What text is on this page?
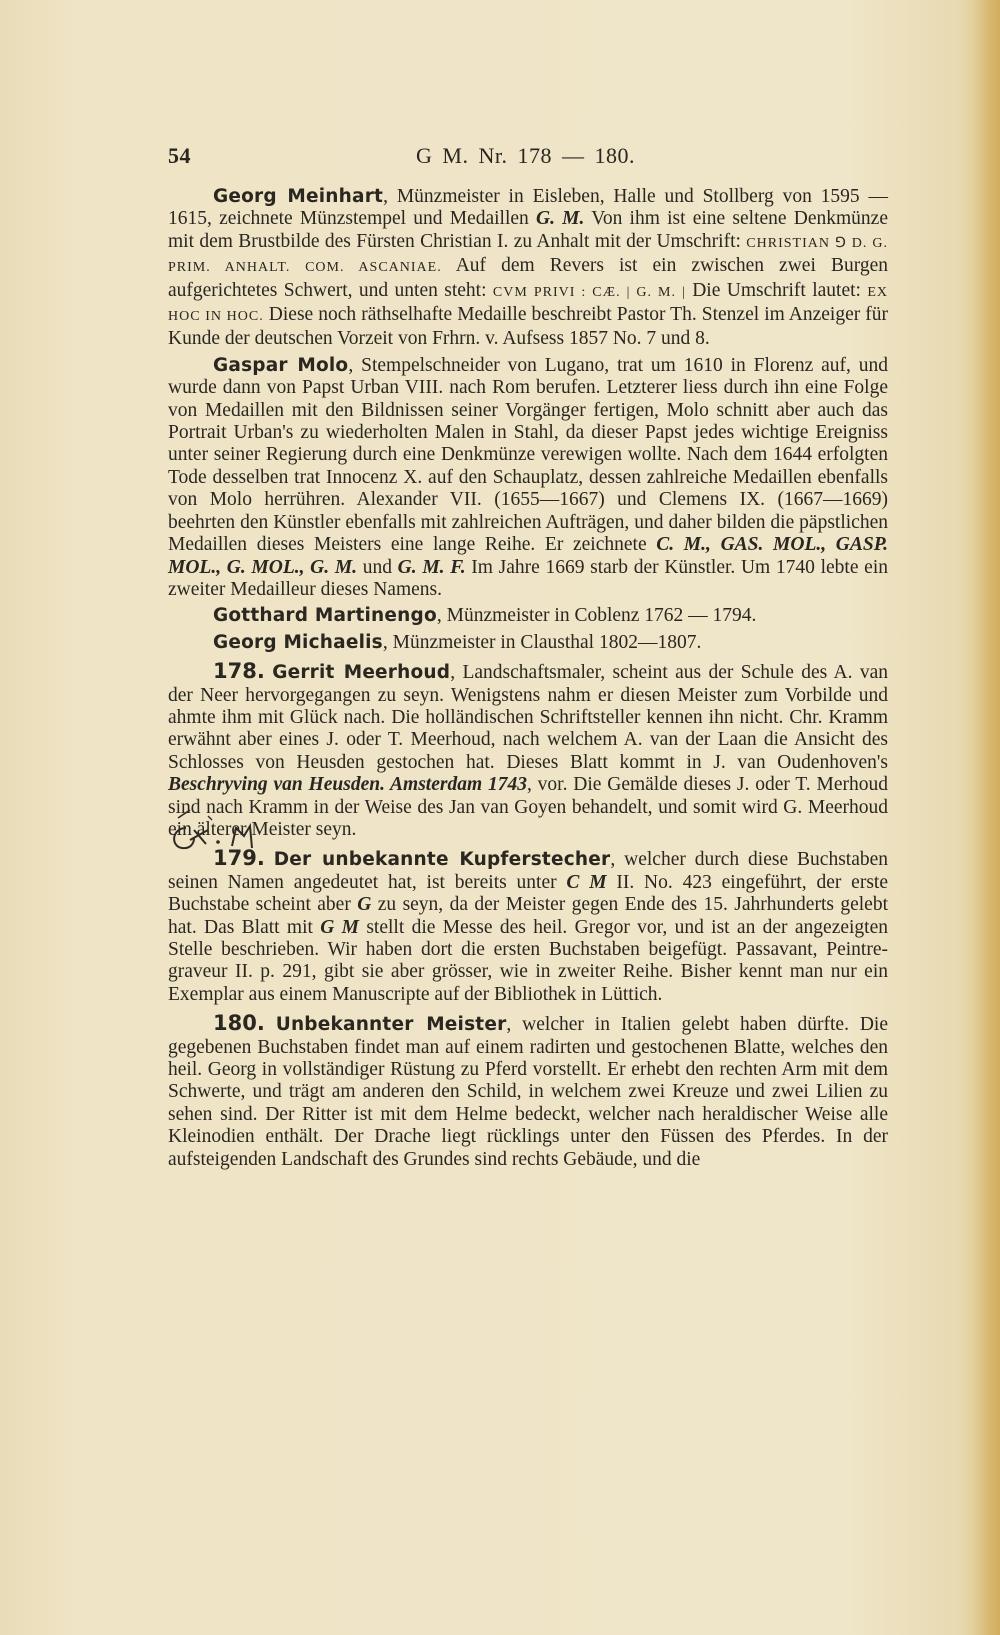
54	G M. Nr. 178 — 180.

Georg Meinhart, Münzmeister in Eisleben, Halle und Stollberg von 1595 — 1615, zeichnete Münzstempel und Medaillen G. M. Von ihm ist eine seltene Denkmünze mit dem Brustbilde des Fürsten Christian I. zu Anhalt mit der Umschrift: CHRISTIAN ⅁ D. G. PRIM. ANHALT. COM. ASCANIAE. Auf dem Revers ist ein zwischen zwei Burgen aufgerichtetes Schwert, und unten steht: CVM PRIVI : CÆ. | G. M. | Die Umschrift lautet: EX HOC IN HOC. Diese noch räthselhafte Medaille beschreibt Pastor Th. Stenzel im Anzeiger für Kunde der deutschen Vorzeit von Frhrn. v. Aufsess 1857 No. 7 und 8.

Gaspar Molo, Stempelschneider von Lugano, trat um 1610 in Florenz auf, und wurde dann von Papst Urban VIII. nach Rom berufen. Letzterer liess durch ihn eine Folge von Medaillen mit den Bildnissen seiner Vorgänger fertigen, Molo schnitt aber auch das Portrait Urban's zu wiederholten Malen in Stahl, da dieser Papst jedes wichtige Ereigniss unter seiner Regierung durch eine Denkmünze verewigen wollte. Nach dem 1644 erfolgten Tode desselben trat Innocenz X. auf den Schauplatz, dessen zahlreiche Medaillen ebenfalls von Molo herrühren. Alexander VII. (1655—1667) und Clemens IX. (1667—1669) beehrten den Künstler ebenfalls mit zahlreichen Aufträgen, und daher bilden die päpstlichen Medaillen dieses Meisters eine lange Reihe. Er zeichnete C. M., GAS. MOL., GASP. MOL., G. MOL., G. M. und G. M. F. Im Jahre 1669 starb der Künstler. Um 1740 lebte ein zweiter Medailleur dieses Namens.

Gotthard Martinengo, Münzmeister in Coblenz 1762 — 1794.

Georg Michaelis, Münzmeister in Clausthal 1802—1807.

178. Gerrit Meerhoud, Landschaftsmaler, scheint aus der Schule des A. van der Neer hervorgegangen zu seyn. Wenigstens nahm er diesen Meister zum Vorbilde und ahmte ihm mit Glück nach. Die holländischen Schriftsteller kennen ihn nicht. Chr. Kramm erwähnt aber eines J. oder T. Meerhoud, nach welchem A. van der Laan die Ansicht des Schlosses von Heusden gestochen hat. Dieses Blatt kommt in J. van Oudenhoven's Beschryving van Heusden. Amsterdam 1743, vor. Die Gemälde dieses J. oder T. Merhoud sind nach Kramm in der Weise des Jan van Goyen behandelt, und somit wird G. Meerhoud ein älterer Meister seyn.

179. Der unbekannte Kupferstecher, welcher durch diese Buchstaben seinen Namen angedeutet hat, ist bereits unter C M II. No. 423 eingeführt, der erste Buchstabe scheint aber G zu seyn, da der Meister gegen Ende des 15. Jahrhunderts gelebt hat. Das Blatt mit G M stellt die Messe des heil. Gregor vor, und ist an der angezeigten Stelle beschrieben. Wir haben dort die ersten Buchstaben beigefügt. Passavant, Peintre-graveur II. p. 291, gibt sie aber grösser, wie in zweiter Reihe. Bisher kennt man nur ein Exemplar aus einem Manuscripte auf der Bibliothek in Lüttich.

180. Unbekannter Meister, welcher in Italien gelebt haben dürfte. Die gegebenen Buchstaben findet man auf einem radirten und gestochenen Blatte, welches den heil. Georg in vollständiger Rüstung zu Pferd vorstellt. Er erhebt den rechten Arm mit dem Schwerte, und trägt am anderen den Schild, in welchem zwei Kreuze und zwei Lilien zu sehen sind. Der Ritter ist mit dem Helme bedeckt, welcher nach heraldischer Weise alle Kleinodien enthält. Der Drache liegt rücklings unter den Füssen des Pferdes. In der aufsteigenden Landschaft des Grundes sind rechts Gebäude, und die
